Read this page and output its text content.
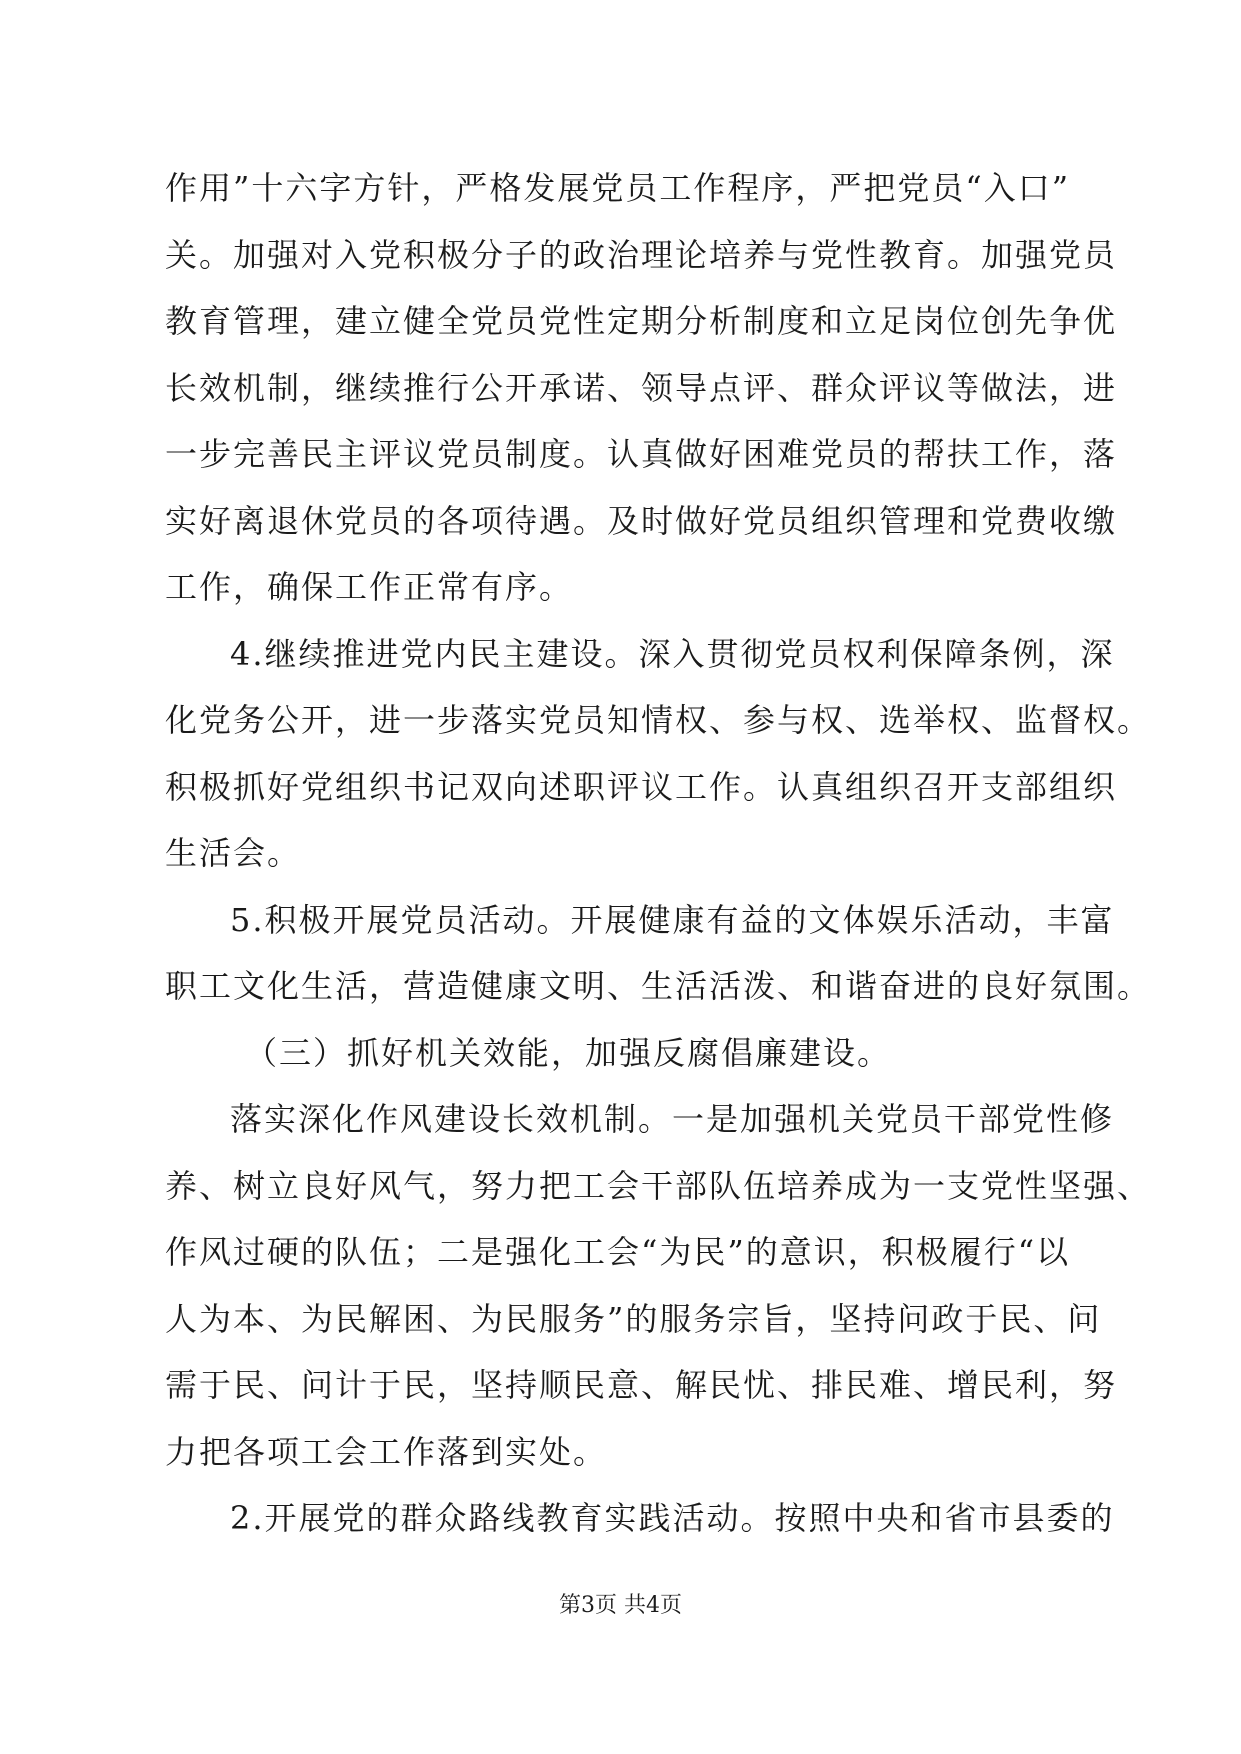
作用”十六字方针，严格发展党员工作程序，严把党员“入口”
关。加强对入党积极分子的政治理论培养与党性教育。加强党员
教育管理，建立健全党员党性定期分析制度和立足岗位创先争优
长效机制，继续推行公开承诺、领导点评、群众评议等做法，进
一步完善民主评议党员制度。认真做好困难党员的帮扶工作，落
实好离退休党员的各项待遇。及时做好党员组织管理和党费收缴
工作，确保工作正常有序。
4.继续推进党内民主建设。深入贯彻党员权利保障条例，深
化党务公开，进一步落实党员知情权、参与权、选举权、监督权。
积极抓好党组织书记双向述职评议工作。认真组织召开支部组织
生活会。
5.积极开展党员活动。开展健康有益的文体娱乐活动，丰富
职工文化生活，营造健康文明、生活活泼、和谐奋进的良好氛围。
（三）抓好机关效能，加强反腐倡廉建设。
落实深化作风建设长效机制。一是加强机关党员干部党性修
养、树立良好风气，努力把工会干部队伍培养成为一支党性坚强、
作风过硬的队伍；二是强化工会“为民”的意识，积极履行“以
人为本、为民解困、为民服务”的服务宗旨，坚持问政于民、问
需于民、问计于民，坚持顺民意、解民忧、排民难、增民利，努
力把各项工会工作落到实处。
2.开展党的群众路线教育实践活动。按照中央和省市县委的
第3页 共4页
